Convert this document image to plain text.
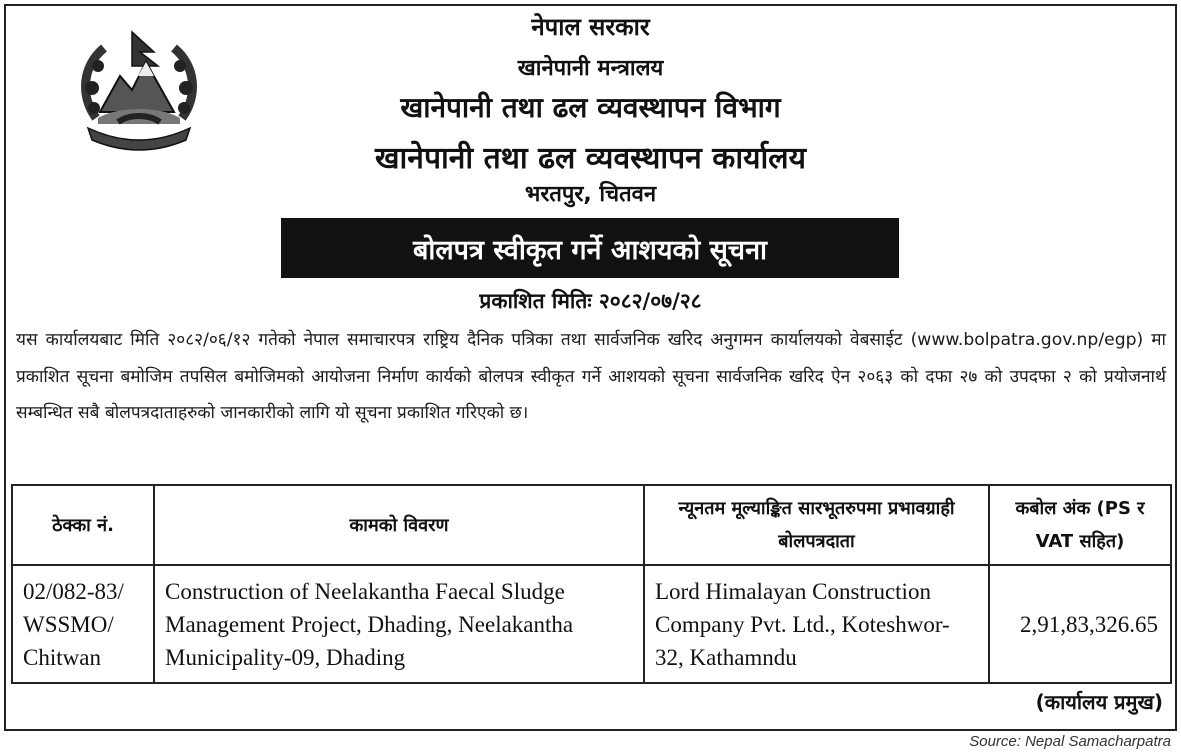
नेपाल सरकार
खानेपानी मन्त्रालय
खानेपानी तथा ढल व्यवस्थापन विभाग
खानेपानी तथा ढल व्यवस्थापन कार्यालय
भरतपुर, चितवन
बोलपत्र स्वीकृत गर्ने आशयको सूचना
प्रकाशित मितिः २०८२/०७/२८

यस कार्यालयबाट मिति २०८२/०६/१२ गतेको नेपाल समाचारपत्र राष्ट्रिय दैनिक पत्रिका तथा सार्वजनिक खरिद अनुगमन कार्यालयको वेबसाईट (www.bolpatra.gov.np/egp) मा प्रकाशित सूचना बमोजिम तपसिल बमोजिमको आयोजना निर्माण कार्यको बोलपत्र स्वीकृत गर्ने आशयको सूचना सार्वजनिक खरिद ऐन २०६३ को दफा २७ को उपदफा २ को प्रयोजनार्थ सम्बन्धित सबै बोलपत्रदाताहरुको जानकारीको लागि यो सूचना प्रकाशित गरिएको छ।

ठेक्का नं.	कामको विवरण	न्यूनतम मूल्याङ्कित सारभूतरुपमा प्रभावग्राही बोलपत्रदाता	कबोल अंक (PS र VAT सहित)
02/082-83/ WSSMO/ Chitwan	Construction of Neelakantha Faecal Sludge Management Project, Dhading, Neelakantha Municipality-09, Dhading	Lord Himalayan Construction Company Pvt. Ltd., Koteshwor-32, Kathamndu	2,91,83,326.65
(कार्यालय प्रमुख)
Source: Nepal Samacharpatra
